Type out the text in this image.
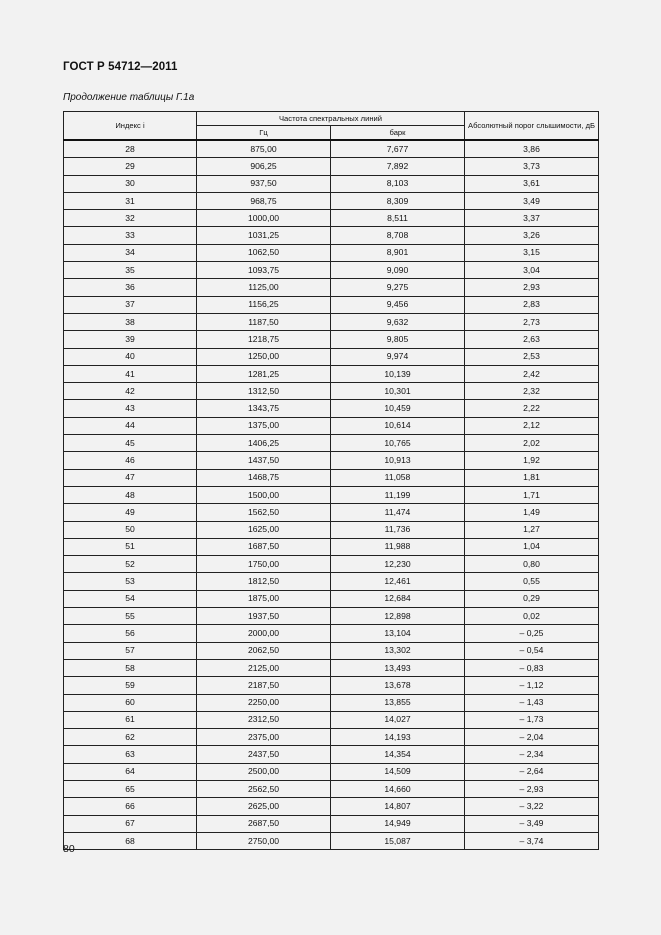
ГОСТ Р 54712—2011
Продолжение таблицы Г.1а
Индекс i	Частота спектральных линий		Абсолютный порог слышимости, дБ
	Гц	барк	
28	875,00	7,677	3,86
29	906,25	7,892	3,73
30	937,50	8,103	3,61
31	968,75	8,309	3,49
32	1000,00	8,511	3,37
33	1031,25	8,708	3,26
34	1062,50	8,901	3,15
35	1093,75	9,090	3,04
36	1125,00	9,275	2,93
37	1156,25	9,456	2,83
38	1187,50	9,632	2,73
39	1218,75	9,805	2,63
40	1250,00	9,974	2,53
41	1281,25	10,139	2,42
42	1312,50	10,301	2,32
43	1343,75	10,459	2,22
44	1375,00	10,614	2,12
45	1406,25	10,765	2,02
46	1437,50	10,913	1,92
47	1468,75	11,058	1,81
48	1500,00	11,199	1,71
49	1562,50	11,474	1,49
50	1625,00	11,736	1,27
51	1687,50	11,988	1,04
52	1750,00	12,230	0,80
53	1812,50	12,461	0,55
54	1875,00	12,684	0,29
55	1937,50	12,898	0,02
56	2000,00	13,104	– 0,25
57	2062,50	13,302	– 0,54
58	2125,00	13,493	– 0,83
59	2187,50	13,678	– 1,12
60	2250,00	13,855	– 1,43
61	2312,50	14,027	– 1,73
62	2375,00	14,193	– 2,04
63	2437,50	14,354	– 2,34
64	2500,00	14,509	– 2,64
65	2562,50	14,660	– 2,93
66	2625,00	14,807	– 3,22
67	2687,50	14,949	– 3,49
68	2750,00	15,087	– 3,74
80
